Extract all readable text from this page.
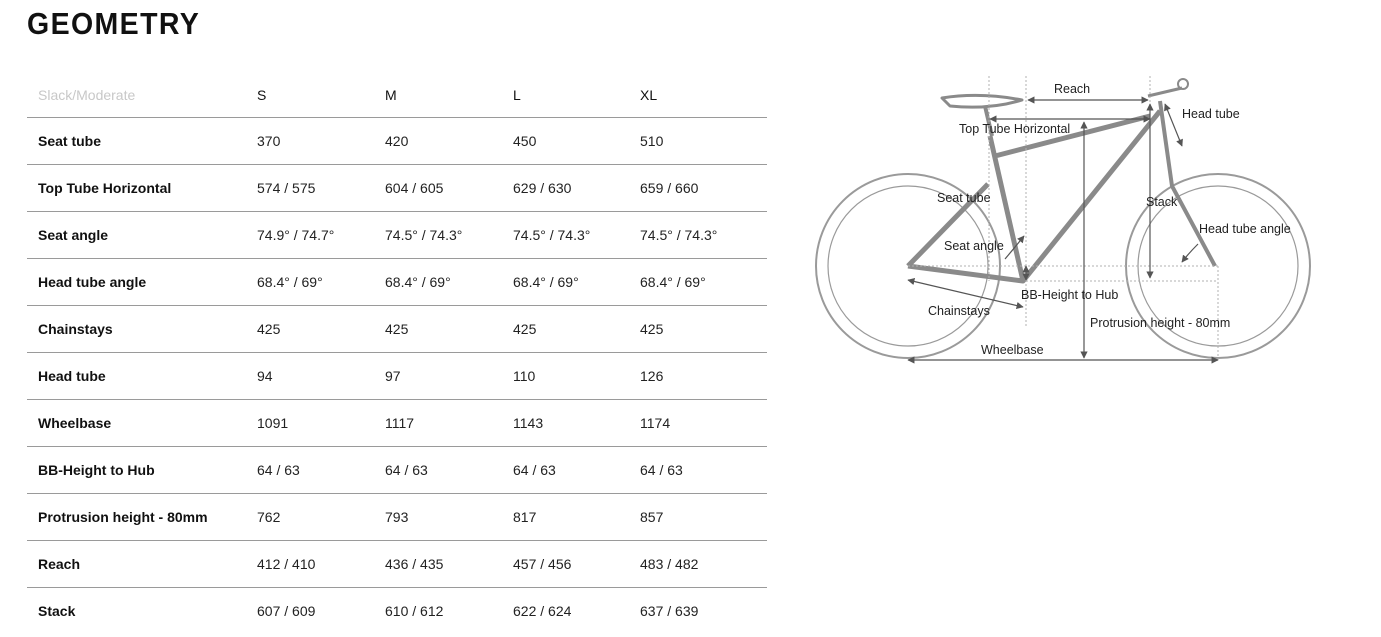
GEOMETRY
Slack/Moderate	S	M	L	XL
Seat tube	370	420	450	510
Top Tube Horizontal	574 / 575	604 / 605	629 / 630	659 / 660
Seat angle	74.9° / 74.7°	74.5° / 74.3°	74.5° / 74.3°	74.5° / 74.3°
Head tube angle	68.4° / 69°	68.4° / 69°	68.4° / 69°	68.4° / 69°
Chainstays	425	425	425	425
Head tube	94	97	110	126
Wheelbase	1091	1117	1143	1174
BB-Height to Hub	64 / 63	64 / 63	64 / 63	64 / 63
Protrusion height - 80mm	762	793	817	857
Reach	412 / 410	436 / 435	457 / 456	483 / 482
Stack	607 / 609	610 / 612	622 / 624	637 / 639
Reach
Head tube
Top Tube Horizontal
Seat tube	Stack
Seat angle
Head tube angle
BB-Height to Hub
Chainstays
Protrusion height - 80mm
Wheelbase
